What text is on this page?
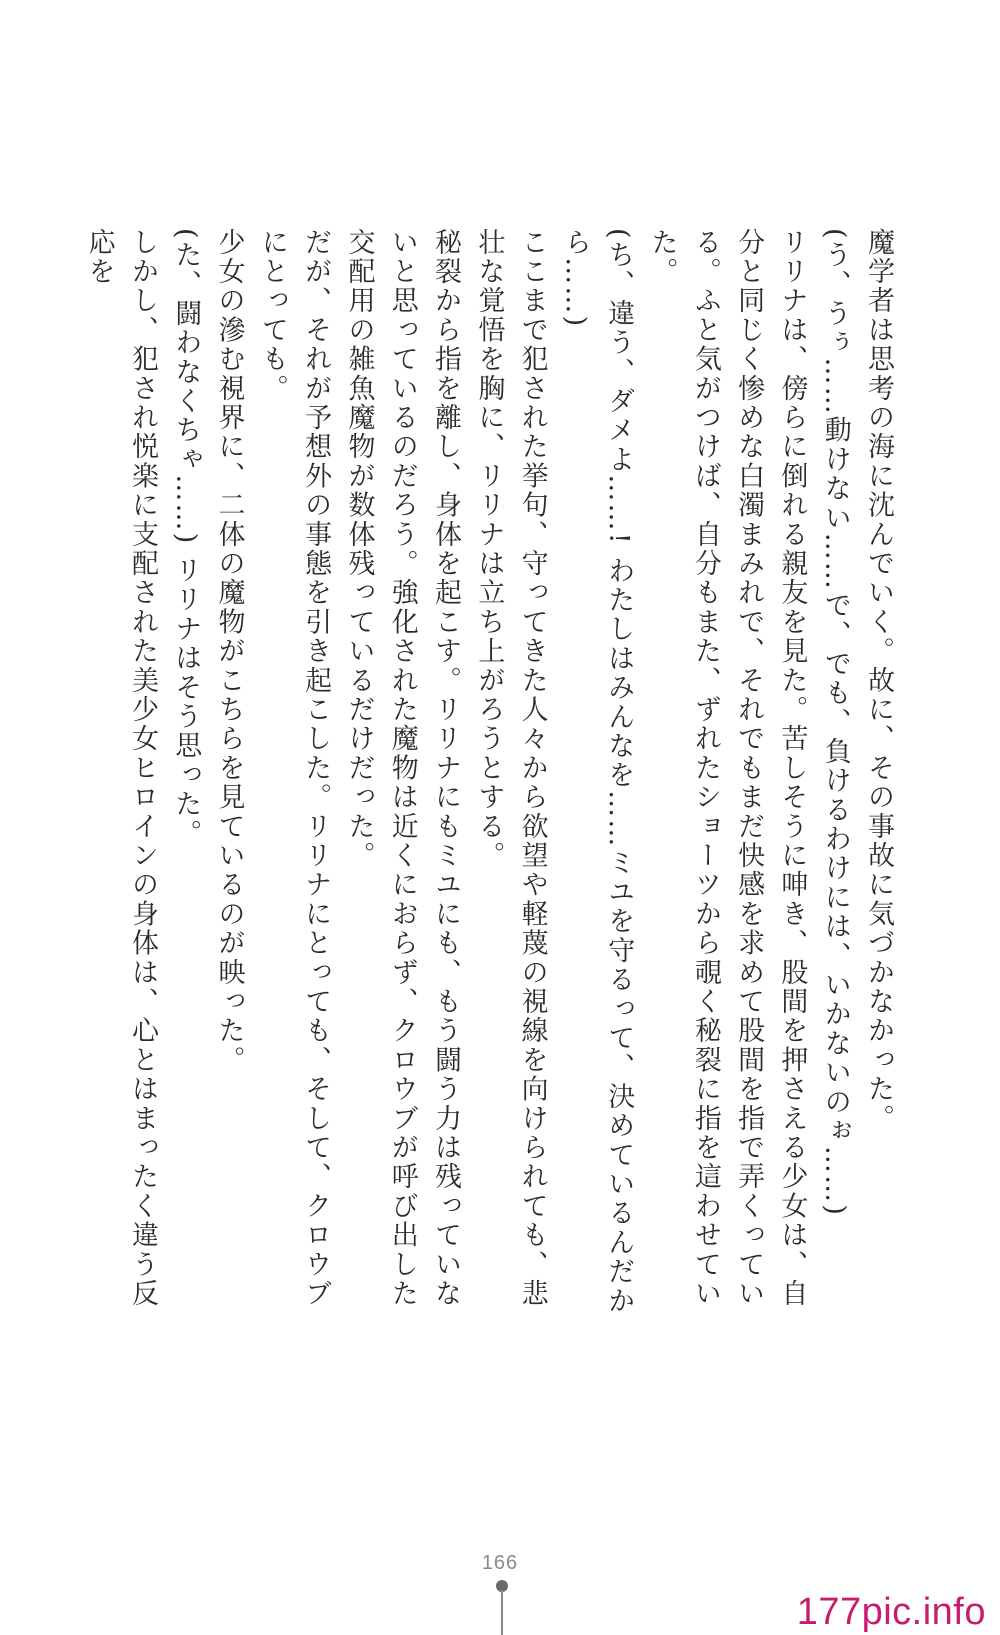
魔学者は思考の海に沈んでいく。故に、その事故に気づかなかった。

(う、うぅ……動けない……で、でも、負けるわけには、いかないのぉ……)

リリナは、傍らに倒れる親友を見た。苦しそうに呻き、股間を押さえる少女は、自分と同じく惨めな白濁まみれで、それでもまだ快感を求めて股間を指で弄くっている。ふと気がつけば、自分もまた、ずれたショーツから覗く秘裂に指を這わせていた。

(ち、違う、ダメよ……! わたしはみんなを……ミユを守るって、決めているんだから……)

ここまで犯された挙句、守ってきた人々から欲望や軽蔑の視線を向けられても、悲壮な覚悟を胸に、リリナは立ち上がろうとする。

秘裂から指を離し、身体を起こす。リリナにもミユにも、もう闘う力は残っていないと思っているのだろう。強化された魔物は近くにおらず、クロウブが呼び出した交配用の雑魚魔物が数体残っているだけだった。

だが、それが予想外の事態を引き起こした。リリナにとっても、そして、クロウブにとっても。

少女の滲む視界に、二体の魔物がこちらを見ているのが映った。

(た、闘わなくちゃ……) リリナはそう思った。

しかし、犯され悦楽に支配された美少女ヒロインの身体は、心とはまったく違う反応を

166
177pic.info
